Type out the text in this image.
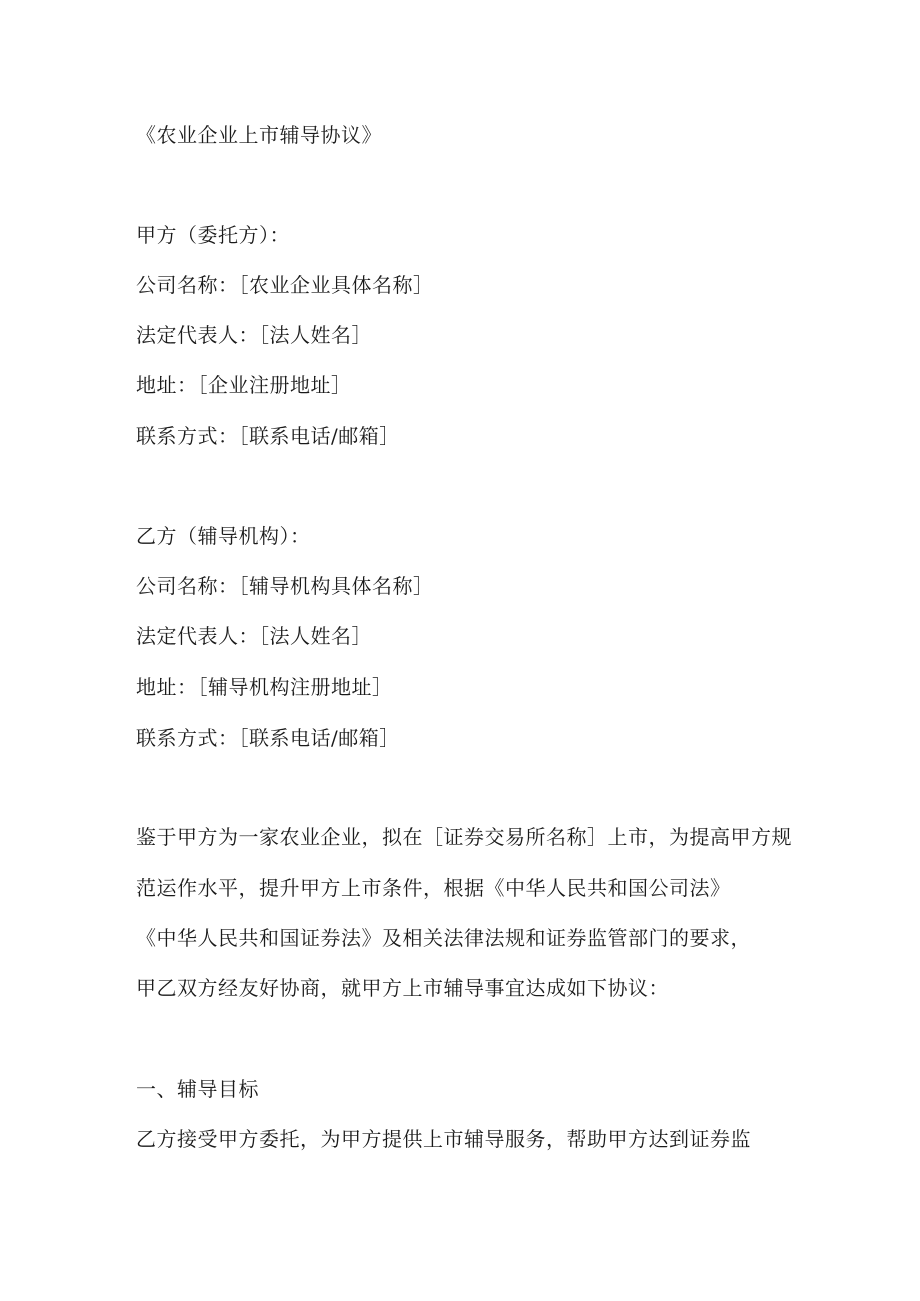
《农业企业上市辅导协议》
甲方（委托方）：
公司名称：［农业企业具体名称］
法定代表人：［法人姓名］
地址：［企业注册地址］
联系方式：［联系电话/邮箱］
乙方（辅导机构）：
公司名称：［辅导机构具体名称］
法定代表人：［法人姓名］
地址：［辅导机构注册地址］
联系方式：［联系电话/邮箱］
鉴于甲方为一家农业企业，拟在［证券交易所名称］上市，为提高甲方规
范运作水平，提升甲方上市条件，根据《中华人民共和国公司法》
《中华人民共和国证券法》及相关法律法规和证券监管部门的要求，
甲乙双方经友好协商，就甲方上市辅导事宜达成如下协议：
一、辅导目标
乙方接受甲方委托，为甲方提供上市辅导服务，帮助甲方达到证券监
